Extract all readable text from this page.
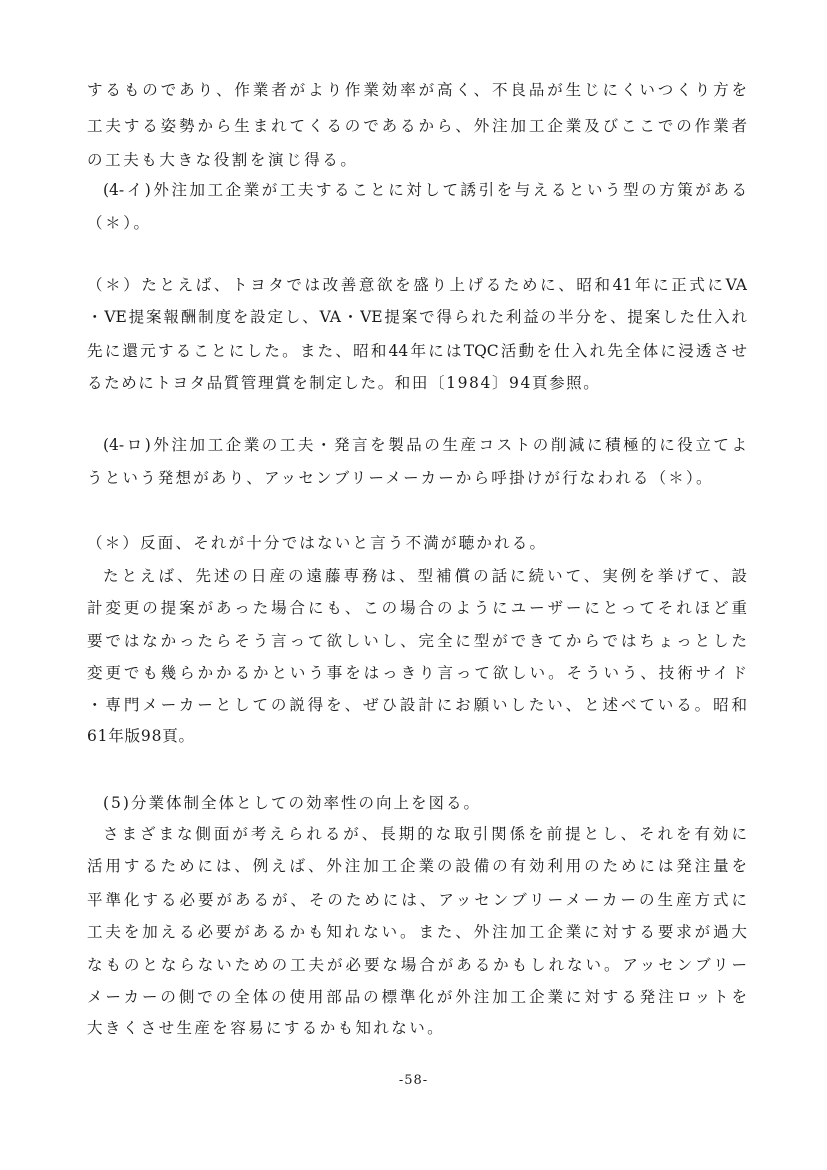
するものであり、作業者がより作業効率が高く、不良品が生じにくいつくり方を
工夫する姿勢から生まれてくるのであるから、外注加工企業及びここでの作業者
の工夫も大きな役割を演じ得る。
(4-イ)外注加工企業が工夫することに対して誘引を与えるという型の方策がある
（＊）。
（＊）たとえば、トヨタでは改善意欲を盛り上げるために、昭和41年に正式にVA
・VE提案報酬制度を設定し、VA・VE提案で得られた利益の半分を、提案した仕入れ
先に還元することにした。また、昭和44年にはTQC活動を仕入れ先全体に浸透させ
るためにトヨタ品質管理賞を制定した。和田〔1984〕94頁参照。
(4-ロ)外注加工企業の工夫・発言を製品の生産コストの削減に積極的に役立てよ
うという発想があり、アッセンブリーメーカーから呼掛けが行なわれる（＊）。
（＊）反面、それが十分ではないと言う不満が聴かれる。
たとえば、先述の日産の遠藤専務は、型補償の話に続いて、実例を挙げて、設
計変更の提案があった場合にも、この場合のようにユーザーにとってそれほど重
要ではなかったらそう言って欲しいし、完全に型ができてからではちょっとした
変更でも幾らかかるかという事をはっきり言って欲しい。そういう、技術サイド
・専門メーカーとしての説得を、ぜひ設計にお願いしたい、と述べている。昭和
61年版98頁。
(5)分業体制全体としての効率性の向上を図る。
さまざまな側面が考えられるが、長期的な取引関係を前提とし、それを有効に
活用するためには、例えば、外注加工企業の設備の有効利用のためには発注量を
平準化する必要があるが、そのためには、アッセンブリーメーカーの生産方式に
工夫を加える必要があるかも知れない。また、外注加工企業に対する要求が過大
なものとならないための工夫が必要な場合があるかもしれない。アッセンブリー
メーカーの側での全体の使用部品の標準化が外注加工企業に対する発注ロットを
大きくさせ生産を容易にするかも知れない。
-58-
